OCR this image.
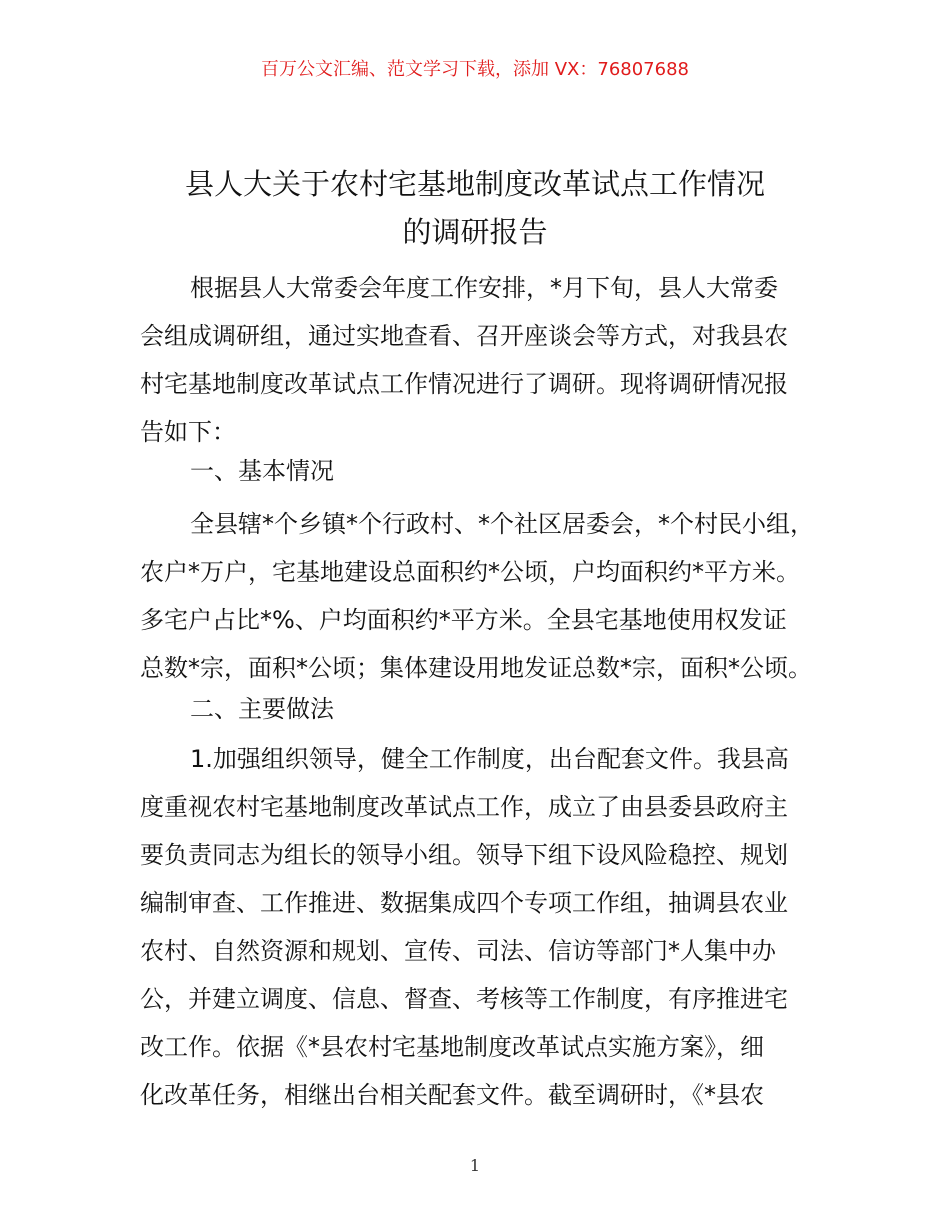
百万公文汇编、范文学习下载，添加 VX：76807688
县人大关于农村宅基地制度改革试点工作情况
的调研报告
根据县人大常委会年度工作安排，*月下旬，县人大常委
会组成调研组，通过实地查看、召开座谈会等方式，对我县农
村宅基地制度改革试点工作情况进行了调研。现将调研情况报
告如下：
一、基本情况
全县辖*个乡镇*个行政村、*个社区居委会，*个村民小组，
农户*万户，宅基地建设总面积约*公顷，户均面积约*平方米。
多宅户占比*%、户均面积约*平方米。全县宅基地使用权发证
总数*宗，面积*公顷；集体建设用地发证总数*宗，面积*公顷。
二、主要做法
1.加强组织领导，健全工作制度，出台配套文件。我县高
度重视农村宅基地制度改革试点工作，成立了由县委县政府主
要负责同志为组长的领导小组。领导下组下设风险稳控、规划
编制审查、工作推进、数据集成四个专项工作组，抽调县农业
农村、自然资源和规划、宣传、司法、信访等部门*人集中办
公，并建立调度、信息、督查、考核等工作制度，有序推进宅
改工作。依据《*县农村宅基地制度改革试点实施方案》，细
化改革任务，相继出台相关配套文件。截至调研时，《*县农
1
